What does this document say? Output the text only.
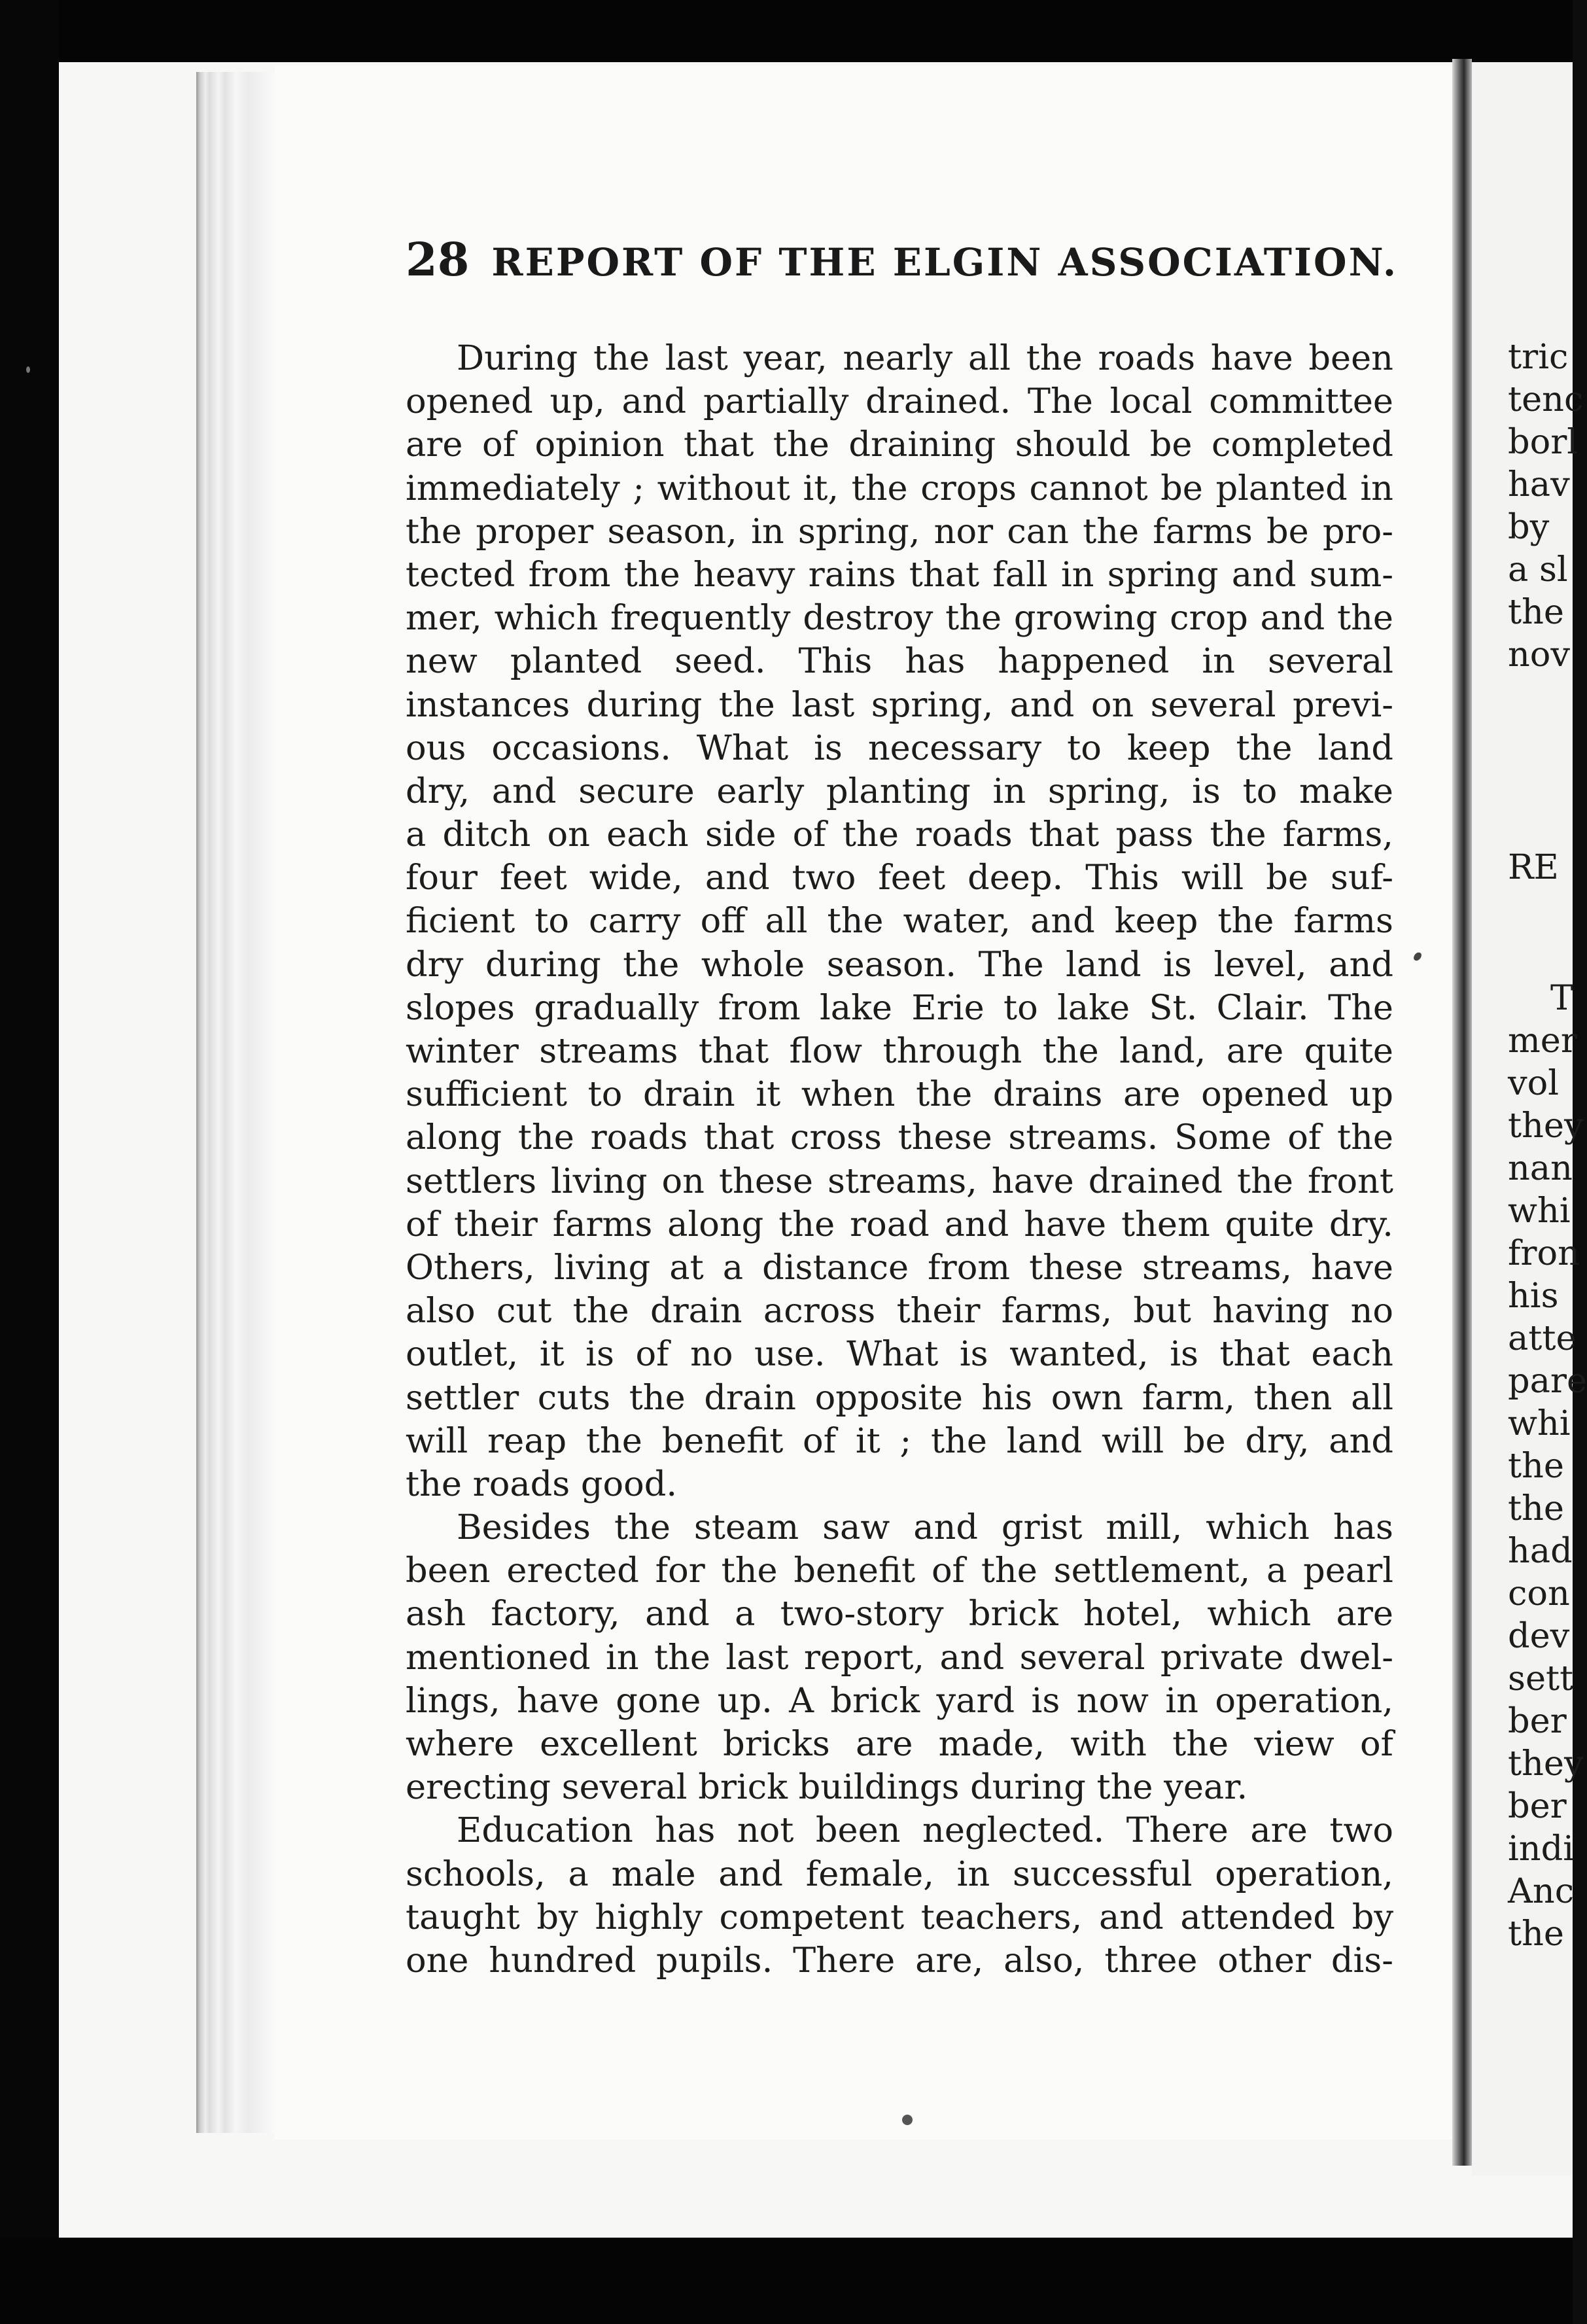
28 REPORT OF THE ELGIN ASSOCIATION.
During the last year, nearly all the roads have been
opened up, and partially drained. The local committee
are of opinion that the draining should be completed
immediately ; without it, the crops cannot be planted in
the proper season, in spring, nor can the farms be pro-
tected from the heavy rains that fall in spring and sum-
mer, which frequently destroy the growing crop and the
new planted seed. This has happened in several
instances during the last spring, and on several previ-
ous occasions. What is necessary to keep the land
dry, and secure early planting in spring, is to make
a ditch on each side of the roads that pass the farms,
four feet wide, and two feet deep. This will be suf-
ficient to carry off all the water, and keep the farms
dry during the whole season. The land is level, and
slopes gradually from lake Erie to lake St. Clair. The
winter streams that flow through the land, are quite
sufficient to drain it when the drains are opened up
along the roads that cross these streams. Some of the
settlers living on these streams, have drained the front
of their farms along the road and have them quite dry.
Others, living at a distance from these streams, have
also cut the drain across their farms, but having no
outlet, it is of no use. What is wanted, is that each
settler cuts the drain opposite his own farm, then all
will reap the benefit of it ; the land will be dry, and
the roads good.
Besides the steam saw and grist mill, which has
been erected for the benefit of the settlement, a pearl
ash factory, and a two-story brick hotel, which are
mentioned in the last report, and several private dwel-
lings, have gone up. A brick yard is now in operation,
where excellent bricks are made, with the view of
erecting several brick buildings during the year.
Education has not been neglected. There are two
schools, a male and female, in successful operation,
taught by highly competent teachers, and attended by
one hundred pupils. There are, also, three other dis-
tric
tenc
borl
hav
by
a sl
the
nov
RE
T
mer
vol
they
nan
whi
fron
his
atte
pare
whi
the
the
had
con
dev
sett
ber
they
ber
indi
Anc
the
